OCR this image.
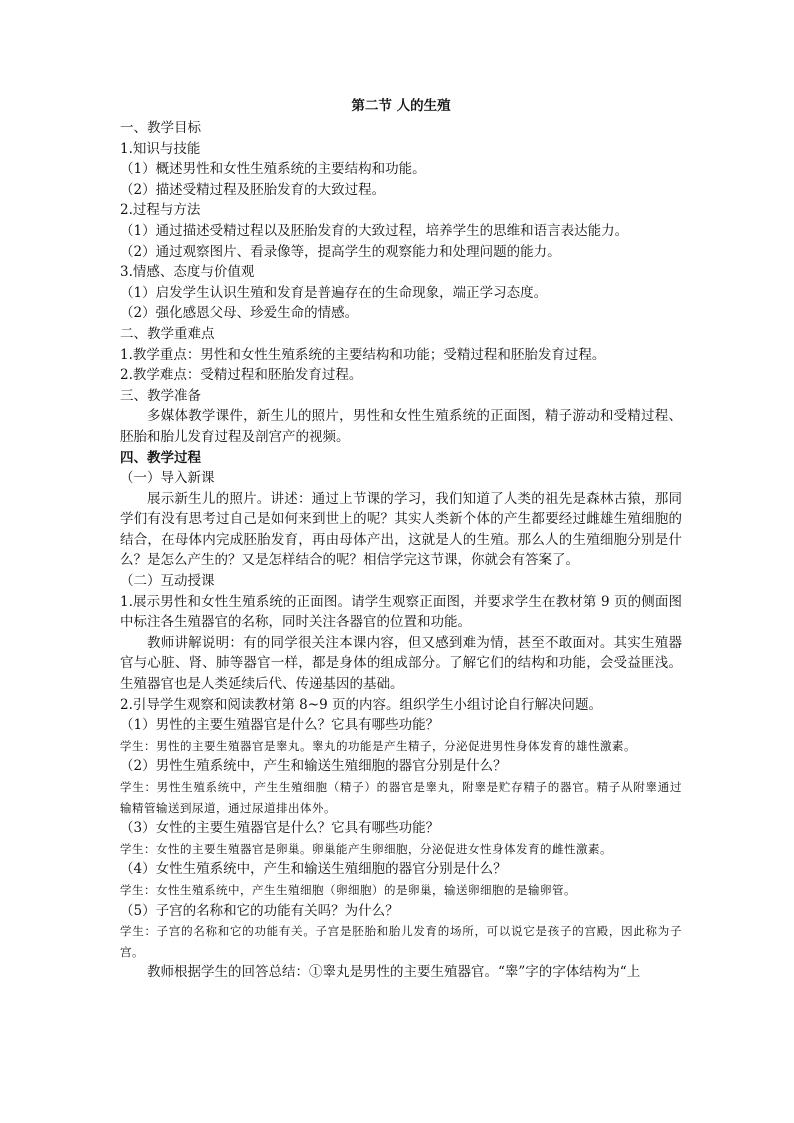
第二节 人的生殖
一、教学目标
1.知识与技能
（1）概述男性和女性生殖系统的主要结构和功能。
（2）描述受精过程及胚胎发育的大致过程。
2.过程与方法
（1）通过描述受精过程以及胚胎发育的大致过程，培养学生的思维和语言表达能力。
（2）通过观察图片、看录像等，提高学生的观察能力和处理问题的能力。
3.情感、态度与价值观
（1）启发学生认识生殖和发育是普遍存在的生命现象，端正学习态度。
（2）强化感恩父母、珍爱生命的情感。
二、教学重难点
1.教学重点：男性和女性生殖系统的主要结构和功能；受精过程和胚胎发育过程。
2.教学难点：受精过程和胚胎发育过程。
三、教学准备
多媒体教学课件，新生儿的照片，男性和女性生殖系统的正面图，精子游动和受精过程、胚胎和胎儿发育过程及剖宫产的视频。
四、教学过程
（一）导入新课
展示新生儿的照片。讲述：通过上节课的学习，我们知道了人类的祖先是森林古猿，那同学们有没有思考过自己是如何来到世上的呢？其实人类新个体的产生都要经过雌雄生殖细胞的结合，在母体内完成胚胎发育，再由母体产出，这就是人的生殖。那么人的生殖细胞分别是什么？是怎么产生的？又是怎样结合的呢？相信学完这节课，你就会有答案了。
（二）互动授课
1.展示男性和女性生殖系统的正面图。请学生观察正面图，并要求学生在教材第 9 页的侧面图中标注各生殖器官的名称，同时关注各器官的位置和功能。
教师讲解说明：有的同学很关注本课内容，但又感到难为情，甚至不敢面对。其实生殖器官与心脏、肾、肺等器官一样，都是身体的组成部分。了解它们的结构和功能，会受益匪浅。生殖器官也是人类延续后代、传递基因的基础。
2.引导学生观察和阅读教材第 8~9 页的内容。组织学生小组讨论自行解决问题。
（1）男性的主要生殖器官是什么？它具有哪些功能？
学生：男性的主要生殖器官是睾丸。睾丸的功能是产生精子，分泌促进男性身体发育的雄性激素。
（2）男性生殖系统中，产生和输送生殖细胞的器官分别是什么？
学生：男性生殖系统中，产生生殖细胞（精子）的器官是睾丸，附睾是贮存精子的器官。精子从附睾通过输精管输送到尿道，通过尿道排出体外。
（3）女性的主要生殖器官是什么？它具有哪些功能？
学生：女性的主要生殖器官是卵巢。卵巢能产生卵细胞，分泌促进女性身体发育的雌性激素。
（4）女性生殖系统中，产生和输送生殖细胞的器官分别是什么？
学生：女性生殖系统中，产生生殖细胞（卵细胞）的是卵巢，输送卵细胞的是输卵管。
（5）子宫的名称和它的功能有关吗？为什么？
学生：子宫的名称和它的功能有关。子宫是胚胎和胎儿发育的场所，可以说它是孩子的宫殿，因此称为子宫。
教师根据学生的回答总结：①睾丸是男性的主要生殖器官。“睾”字的字体结构为“上
